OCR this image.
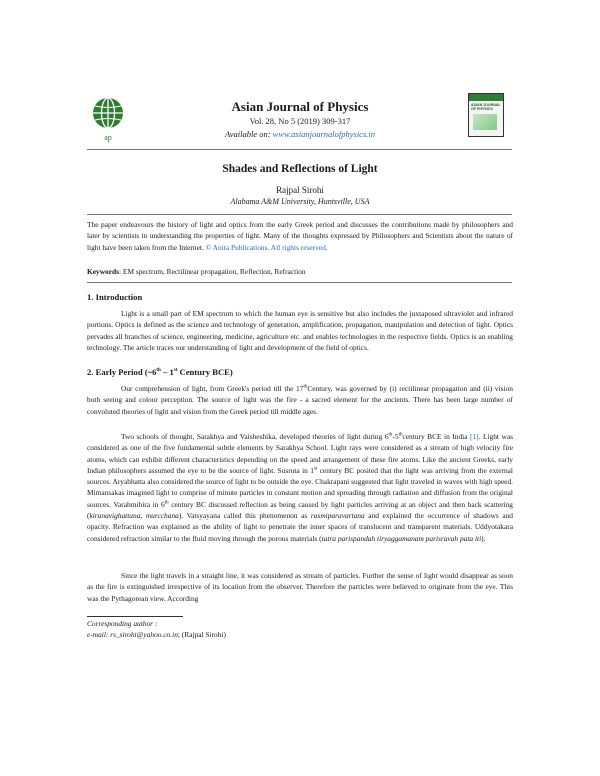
ap
Asian Journal of Physics
Vol. 28, No 5 (2019) 309-317
Available on: www.asianjournalofphysics.in
ASIAN JOURNAL OF PHYSICS
Shades and Reflections of Light
Rajpal Sirohi
Alabama A&M University, Huntsville, USA
The paper endeavours the history of light and optics from the early Greek period and discusses the contributions made by philosophers and later by scientists in understanding the properties of light. Many of the thoughts expressed by Philosophers and Scientists about the nature of light have been taken from the Internet. © Anita Publications. All rights reserved.
Keywords: EM spectrum, Rectilinear propagation, Reflection, Refraction
1. Introduction

Light is a small part of EM spectrum to which the human eye is sensitive but also includes the juxtaposed ultraviolet and infrared portions. Optics is defined as the science and technology of generation, amplification, propagation, manipulation and detection of light. Optics pervades all branches of science, engineering, medicine, agriculture etc. and enables technologies in the respective fields. Optics is an enabling technology. The article traces our understanding of light and development of the field of optics.

2. Early Period (~6th – 1st Century BCE)

Our comprehension of light, from Greek's period till the 17thCentury, was governed by (i) rectilinear propagation and (ii) vision both seeing and colour perception. The source of light was the fire - a sacred element for the ancients. There has been large number of convoluted theories of light and vision from the Greek period till middle ages.

Two schools of thought, Sarakhya and Vaisheshika, developed theories of light during 6th-5thcentury BCE in India [1]. Light was considered as one of the five fundamental subtle elements by Sarakhya School. Light rays were considered as a stream of high velocity fire atoms, which can exhibit different characteristics depending on the speed and arrangement of these fire atoms. Like the ancient Greeks, early Indian philosophers assumed the eye to be the source of light. Susruta in 1st century BC posited that the light was arriving from the external sources. Aryabhatta also considered the source of light to be outside the eye. Chakrapani suggested that light traveled in waves with high speed. Mimansakas imagined light to comprise of minute particles in constant motion and spreading through radiation and diffusion from the original sources. Varahmihira in 6th century BC discussed reflection as being caused by light particles arriving at an object and then back scattering (kiranavighattana, murcchana). Vatsyayana called this phenomenon as rasmiparavartana and explained the occurrence of shadows and opacity. Refraction was explained as the ability of light to penetrate the inner spaces of translucent and transparent materials. Uddyotakara considered refraction similar to the fluid moving through the porous materials (tatra parispandah tiryaggamanam parisravah pata iti).

Since the light travels in a straight line, it was considered as stream of particles. Further the sense of light would disappear as soon as the fire is extinguished irrespective of its location from the observer. Therefore the particles were believed to originate from the eye. This was the Pythagorean view. According

Corresponding author :
e-mail: rs_sirohi@yahoo.co.in; (Rajpal Sirohi)
